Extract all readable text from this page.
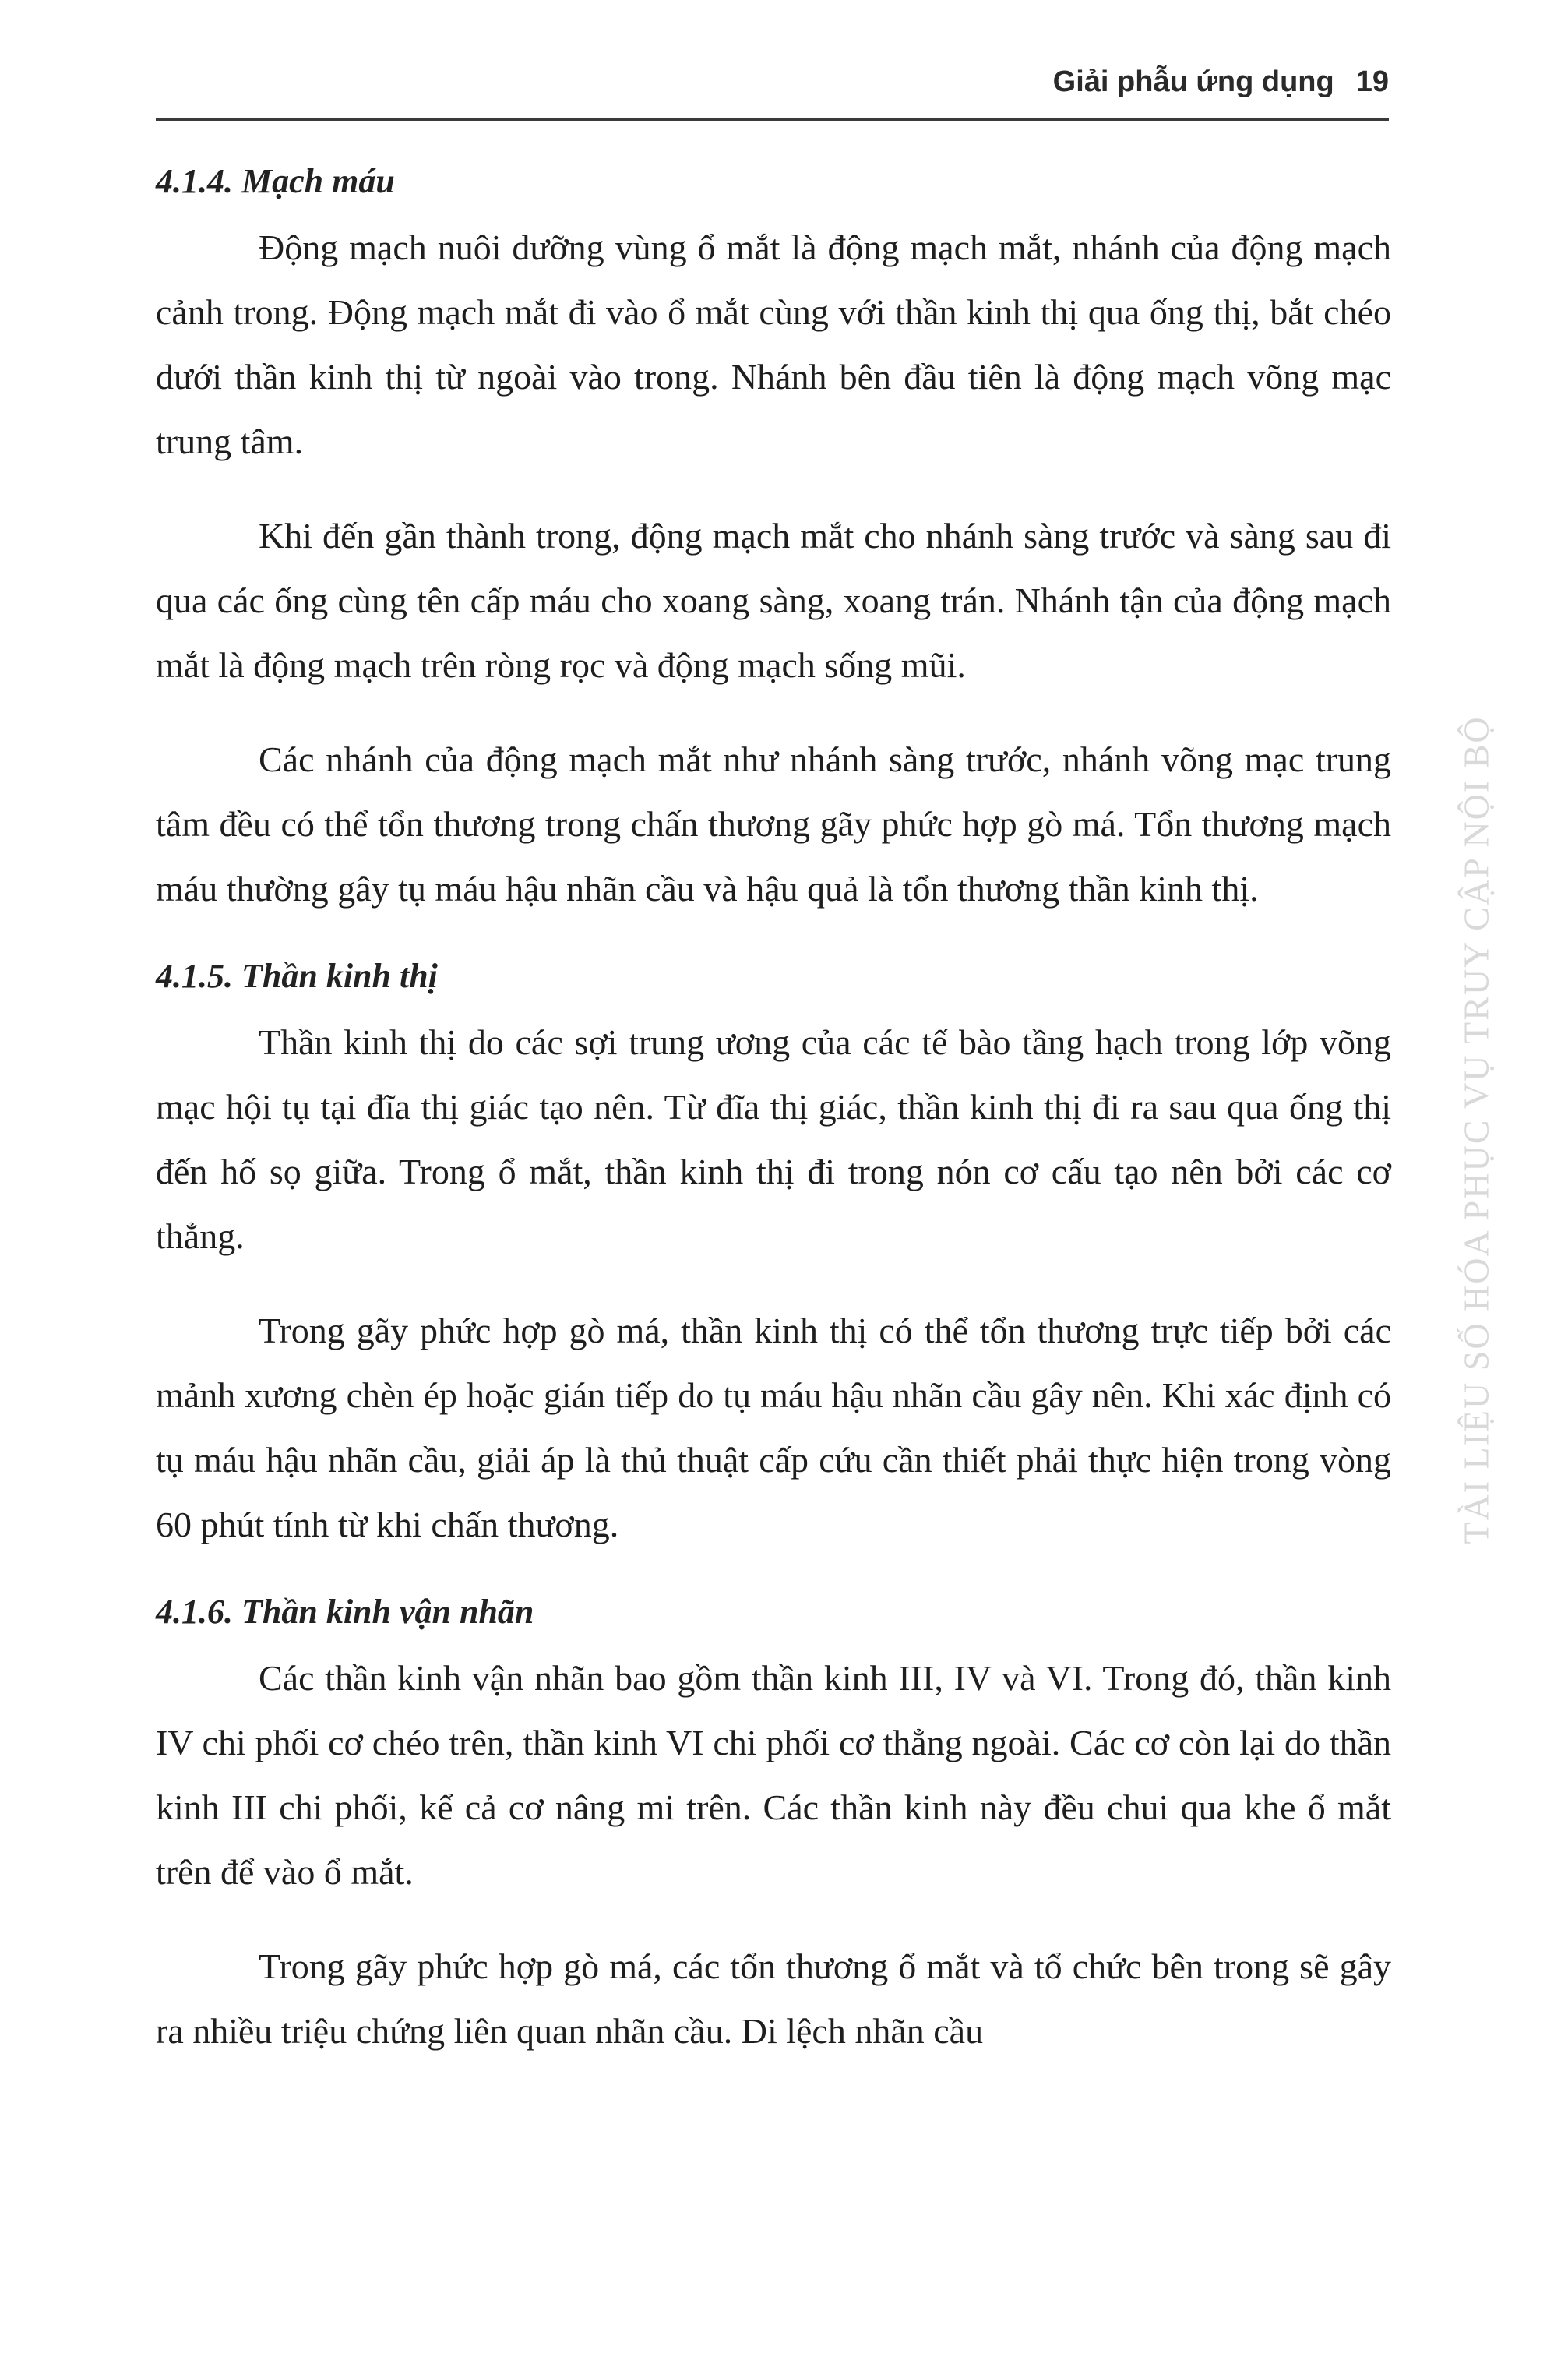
Giải phẫu ứng dụng 19
4.1.4. Mạch máu

Động mạch nuôi dưỡng vùng ổ mắt là động mạch mắt, nhánh của động mạch cảnh trong. Động mạch mắt đi vào ổ mắt cùng với thần kinh thị qua ống thị, bắt chéo dưới thần kinh thị từ ngoài vào trong. Nhánh bên đầu tiên là động mạch võng mạc trung tâm.

Khi đến gần thành trong, động mạch mắt cho nhánh sàng trước và sàng sau đi qua các ống cùng tên cấp máu cho xoang sàng, xoang trán. Nhánh tận của động mạch mắt là động mạch trên ròng rọc và động mạch sống mũi.

Các nhánh của động mạch mắt như nhánh sàng trước, nhánh võng mạc trung tâm đều có thể tổn thương trong chấn thương gãy phức hợp gò má. Tổn thương mạch máu thường gây tụ máu hậu nhãn cầu và hậu quả là tổn thương thần kinh thị.

4.1.5. Thần kinh thị

Thần kinh thị do các sợi trung ương của các tế bào tầng hạch trong lớp võng mạc hội tụ tại đĩa thị giác tạo nên. Từ đĩa thị giác, thần kinh thị đi ra sau qua ống thị đến hố sọ giữa. Trong ổ mắt, thần kinh thị đi trong nón cơ cấu tạo nên bởi các cơ thẳng.

Trong gãy phức hợp gò má, thần kinh thị có thể tổn thương trực tiếp bởi các mảnh xương chèn ép hoặc gián tiếp do tụ máu hậu nhãn cầu gây nên. Khi xác định có tụ máu hậu nhãn cầu, giải áp là thủ thuật cấp cứu cần thiết phải thực hiện trong vòng 60 phút tính từ khi chấn thương.

4.1.6. Thần kinh vận nhãn

Các thần kinh vận nhãn bao gồm thần kinh III, IV và VI. Trong đó, thần kinh IV chi phối cơ chéo trên, thần kinh VI chi phối cơ thẳng ngoài. Các cơ còn lại do thần kinh III chi phối, kể cả cơ nâng mi trên. Các thần kinh này đều chui qua khe ổ mắt trên để vào ổ mắt.

Trong gãy phức hợp gò má, các tổn thương ổ mắt và tổ chức bên trong sẽ gây ra nhiều triệu chứng liên quan nhãn cầu. Di lệch nhãn cầu

TÀI LIỆU SỐ HÓA PHỤC VỤ TRUY CẬP NỘI BỘ
